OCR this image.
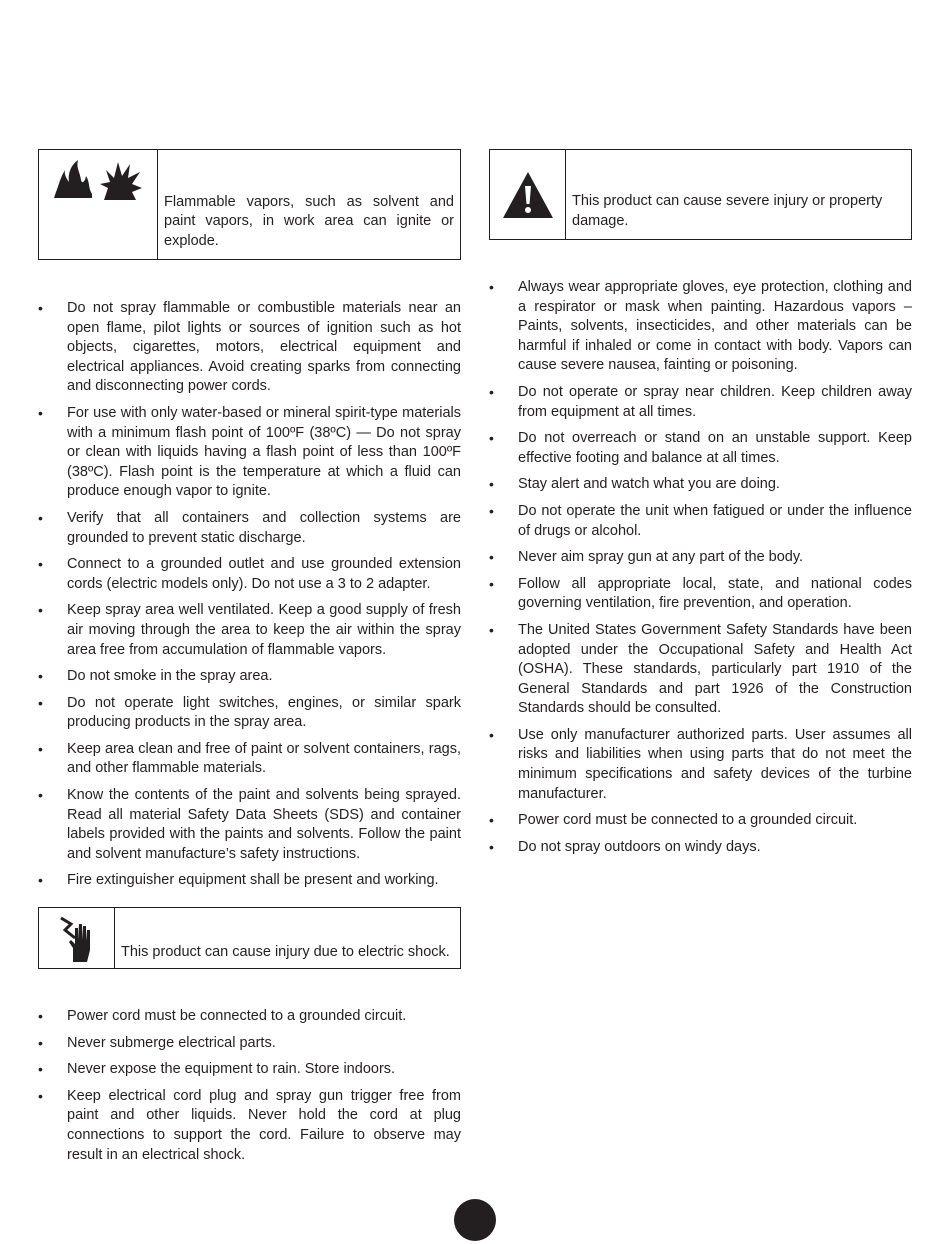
Flammable vapors, such as solvent and paint vapors, in work area can ignite or explode.
• Do not spray flammable or combustible materials near an open flame, pilot lights or sources of ignition such as hot objects, cigarettes, motors, electrical equipment and electrical appliances. Avoid creating sparks from connecting and disconnecting power cords.
• For use with only water-based or mineral spirit-type materials with a minimum flash point of 100ºF (38ºC) — Do not spray or clean with liquids having a flash point of less than 100ºF (38ºC). Flash point is the temperature at which a fluid can produce enough vapor to ignite.
• Verify that all containers and collection systems are grounded to prevent static discharge.
• Connect to a grounded outlet and use grounded extension cords (electric models only). Do not use a 3 to 2 adapter.
• Keep spray area well ventilated. Keep a good supply of fresh air moving through the area to keep the air within the spray area free from accumulation of flammable vapors.
• Do not smoke in the spray area.
• Do not operate light switches, engines, or similar spark producing products in the spray area.
• Keep area clean and free of paint or solvent containers, rags, and other flammable materials.
• Know the contents of the paint and solvents being sprayed. Read all material Safety Data Sheets (SDS) and container labels provided with the paints and solvents. Follow the paint and solvent manufacture’s safety instructions.
• Fire extinguisher equipment shall be present and working.
This product can cause injury due to electric shock.
• Power cord must be connected to a grounded circuit.
• Never submerge electrical parts.
• Never expose the equipment to rain. Store indoors.
• Keep electrical cord plug and spray gun trigger free from paint and other liquids. Never hold the cord at plug connections to support the cord. Failure to observe may result in an electrical shock.
This product can cause severe injury or property damage.
• Always wear appropriate gloves, eye protection, clothing and a respirator or mask when painting. Hazardous vapors – Paints, solvents, insecticides, and other materials can be harmful if inhaled or come in contact with body. Vapors can cause severe nausea, fainting or poisoning.
• Do not operate or spray near children. Keep children away from equipment at all times.
• Do not overreach or stand on an unstable support. Keep effective footing and balance at all times.
• Stay alert and watch what you are doing.
• Do not operate the unit when fatigued or under the influence of drugs or alcohol.
• Never aim spray gun at any part of the body.
• Follow all appropriate local, state, and national codes governing ventilation, fire prevention, and operation.
• The United States Government Safety Standards have been adopted under the Occupational Safety and Health Act (OSHA). These standards, particularly part 1910 of the General Standards and part 1926 of the Construction Standards should be consulted.
• Use only manufacturer authorized parts. User assumes all risks and liabilities when using parts that do not meet the minimum specifications and safety devices of the turbine manufacturer.
• Power cord must be connected to a grounded circuit.
• Do not spray outdoors on windy days.
